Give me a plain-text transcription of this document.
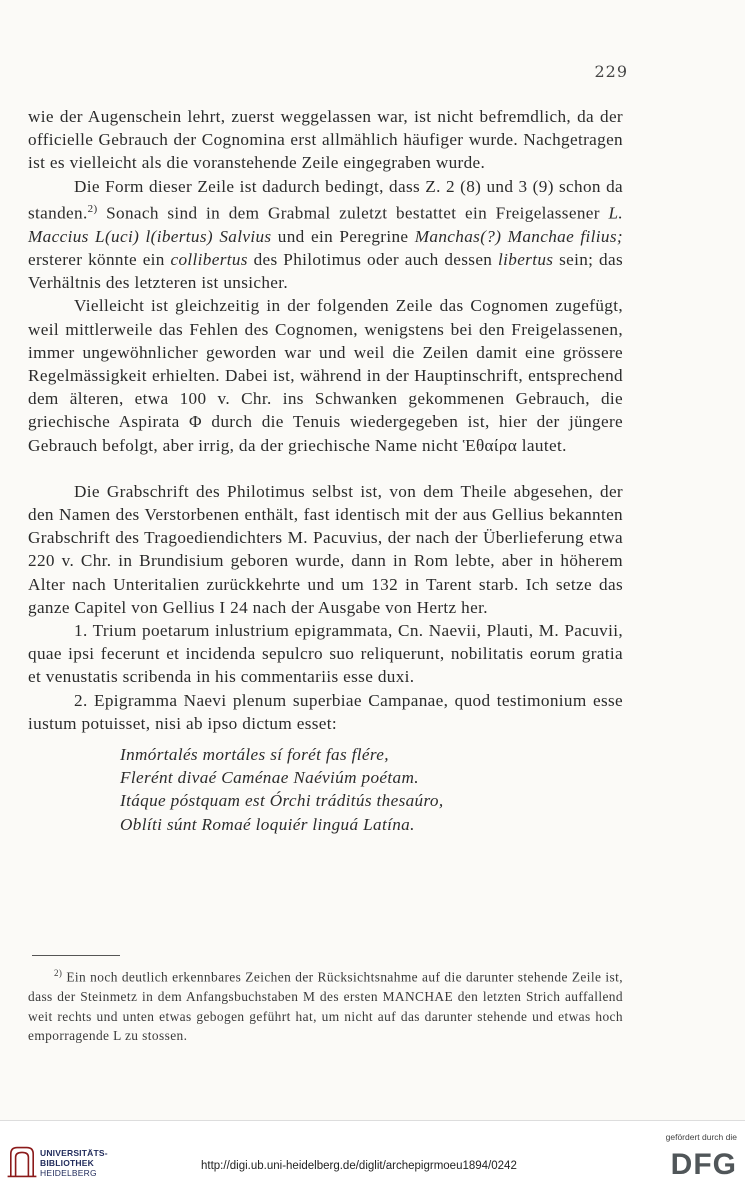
229

wie der Augenschein lehrt, zuerst weggelassen war, ist nicht befremdlich, da der officielle Gebrauch der Cognomina erst allmählich häufiger wurde. Nachgetragen ist es vielleicht als die voranstehende Zeile eingegraben wurde.

Die Form dieser Zeile ist dadurch bedingt, dass Z. 2 (8) und 3 (9) schon da standen.$^{2)}$ Sonach sind in dem Grabmal zuletzt bestattet ein Freigelassener L. Maccius L(uci) l(ibertus) Salvius und ein Peregrine Manchas(?) Manchae filius; ersterer könnte ein collibertus des Philotimus oder auch dessen libertus sein; das Verhältnis des letzteren ist unsicher.

Vielleicht ist gleichzeitig in der folgenden Zeile das Cognomen zugefügt, weil mittlerweile das Fehlen des Cognomen, wenigstens bei den Freigelassenen, immer ungewöhnlicher geworden war und weil die Zeilen damit eine grössere Regelmässigkeit erhielten. Dabei ist, während in der Hauptinschrift, entsprechend dem älteren, etwa 100 v. Chr. ins Schwanken gekommenen Gebrauch, die griechische Aspirata Φ durch die Tenuis wiedergegeben ist, hier der jüngere Gebrauch befolgt, aber irrig, da der griechische Name nicht Ἑθαίρα lautet.

Die Grabschrift des Philotimus selbst ist, von dem Theile abgesehen, der den Namen des Verstorbenen enthält, fast identisch mit der aus Gellius bekannten Grabschrift des Tragoediendichters M. Pacuvius, der nach der Überlieferung etwa 220 v. Chr. in Brundisium geboren wurde, dann in Rom lebte, aber in höherem Alter nach Unteritalien zurückkehrte und um 132 in Tarent starb. Ich setze das ganze Capitel von Gellius I 24 nach der Ausgabe von Hertz her.

1. Trium poetarum inlustrium epigrammata, Cn. Naevii, Plauti, M. Pacuvii, quae ipsi fecerunt et incidenda sepulcro suo reliquerunt, nobilitatis eorum gratia et venustatis scribenda in his commentariis esse duxi.

2. Epigramma Naevi plenum superbiae Campanae, quod testimonium esse iustum potuisset, nisi ab ipso dictum esset:

Inmórtalés mortáles sí forét fas flére,
Flerént divaé Caménae Naéviúm poétam.
Itáque póstquam est Órchi tráditús thesaúro,
Oblíti súnt Romaé loquiér linguá Latína.

$^{2)}$ Ein noch deutlich erkennbares Zeichen der Rücksichtsnahme auf die darunter stehende Zeile ist, dass der Steinmetz in dem Anfangsbuchstaben M des ersten MANCHAE den letzten Strich auffallend weit rechts und unten etwas gebogen geführt hat, um nicht auf das darunter stehende und etwas hoch emporragende L zu stossen.

UNIVERSITÄTS-
BIBLIOTHEK
HEIDELBERG
http://digi.ub.uni-heidelberg.de/diglit/archepigrmoeu1894/0242
gefördert durch die
DFG
